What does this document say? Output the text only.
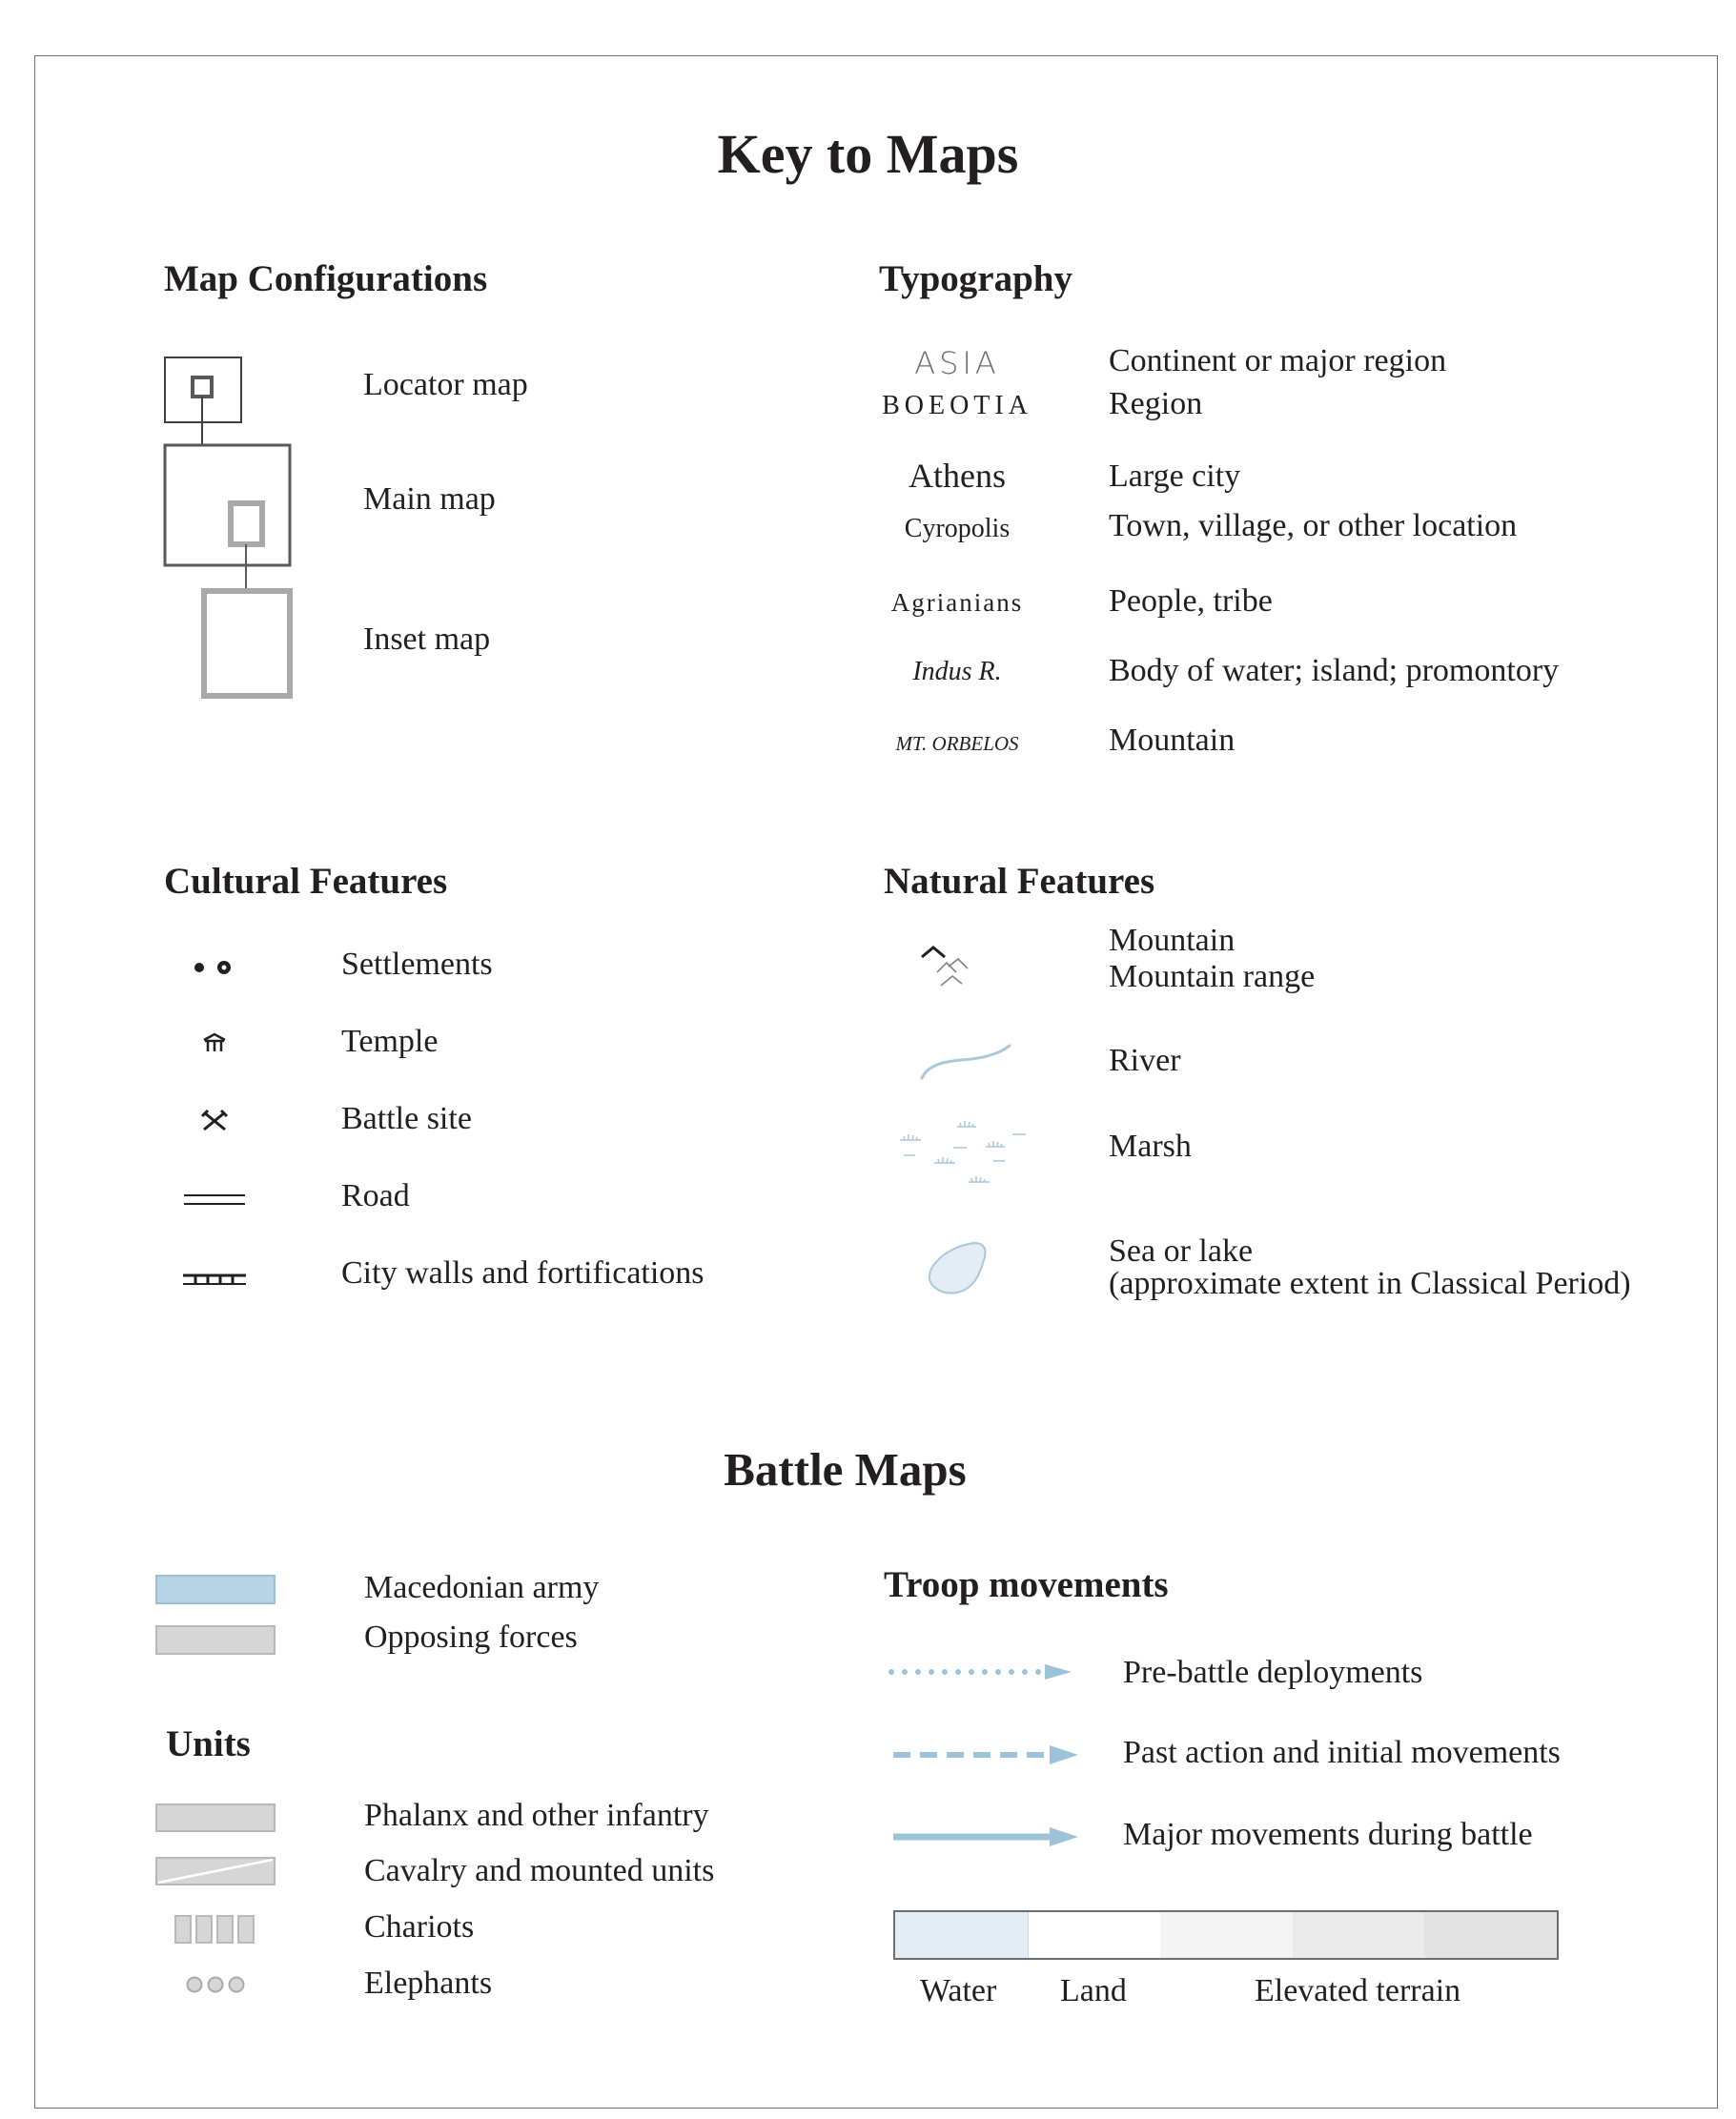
Key to Maps
Map Configurations
Locator map
Main map
Inset map
Typography
ASIA
BOEOTIA
Athens
Cyropolis
Agrianians
Indus R.
MT. ORBELOS
Continent or major region
Region
Large city
Town, village, or other location
People, tribe
Body of water; island; promontory
Mountain
Cultural Features
Settlements
Temple
Battle site
Road
City walls and fortifications
Natural Features
Mountain
Mountain range
River
Marsh
Sea or lake
(approximate extent in Classical Period)
Battle Maps
Macedonian army
Opposing forces
Units
Phalanx and other infantry
Cavalry and mounted units
Chariots
Elephants
Troop movements
Pre-battle deployments
Past action and initial movements
Major movements during battle
Water Land	Elevated terrain
